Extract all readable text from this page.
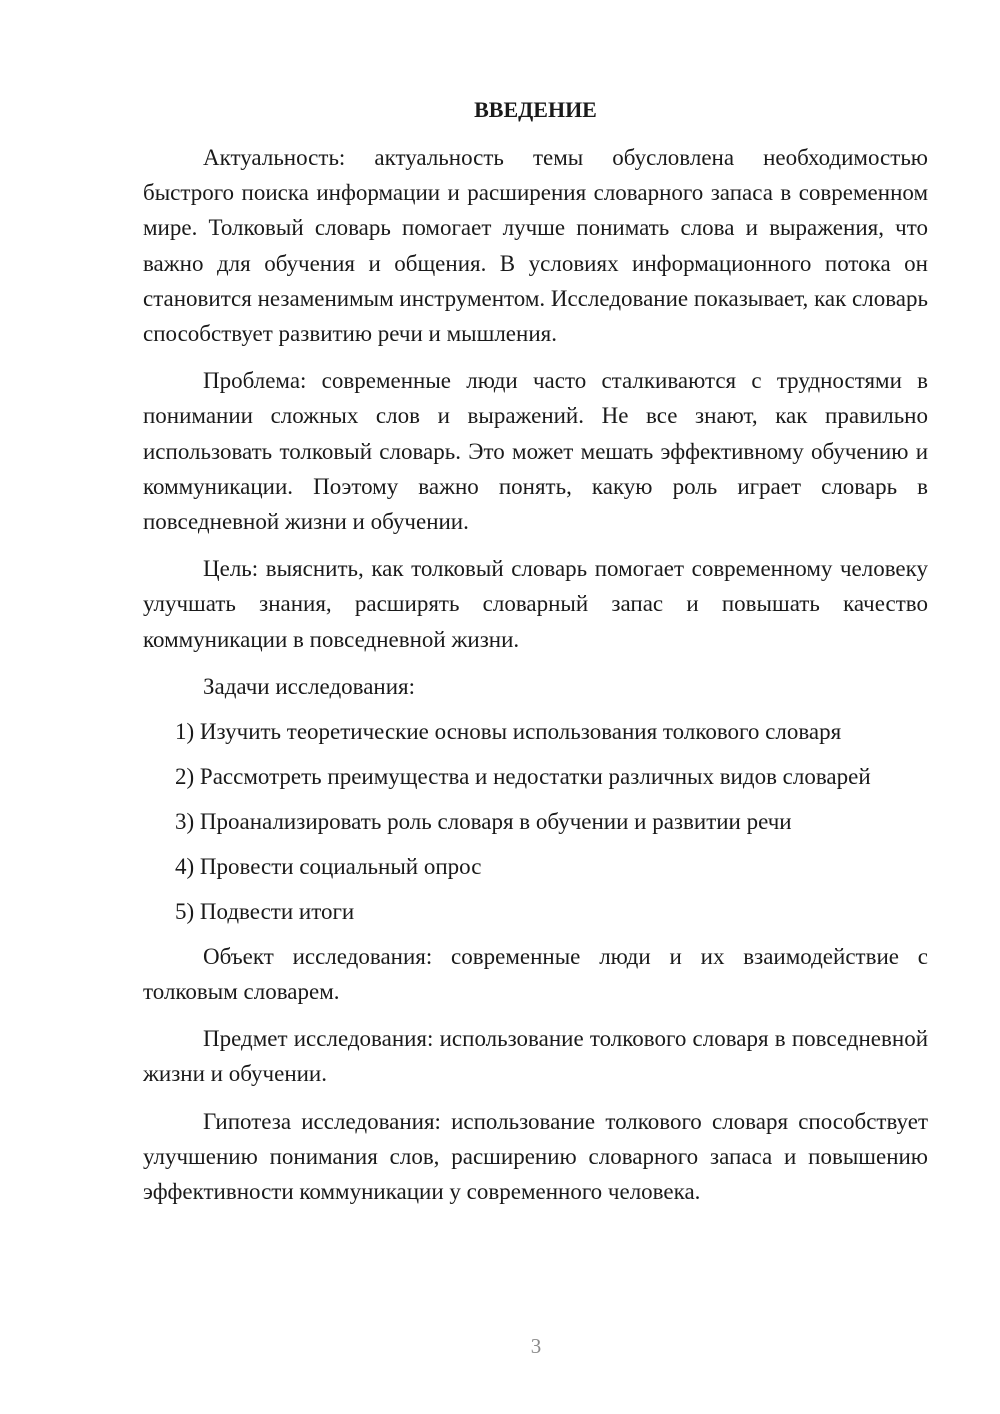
ВВЕДЕНИЕ

Актуальность: актуальность темы обусловлена необходимостью быстрого поиска информации и расширения словарного запаса в современном мире. Толковый словарь помогает лучше понимать слова и выражения, что важно для обучения и общения. В условиях информационного потока он становится незаменимым инструментом. Исследование показывает, как словарь способствует развитию речи и мышления.

Проблема: современные люди часто сталкиваются с трудностями в понимании сложных слов и выражений. Не все знают, как правильно использовать толковый словарь. Это может мешать эффективному обучению и коммуникации. Поэтому важно понять, какую роль играет словарь в повседневной жизни и обучении.

Цель: выяснить, как толковый словарь помогает современному человеку улучшать знания, расширять словарный запас и повышать качество коммуникации в повседневной жизни.

Задачи исследования:
1) Изучить теоретические основы использования толкового словаря
2) Рассмотреть преимущества и недостатки различных видов словарей
3) Проанализировать роль словаря в обучении и развитии речи
4) Провести социальный опрос
5) Подвести итоги

Объект исследования: современные люди и их взаимодействие с толковым словарем.

Предмет исследования: использование толкового словаря в повседневной жизни и обучении.

Гипотеза исследования: использование толкового словаря способствует улучшению понимания слов, расширению словарного запаса и повышению эффективности коммуникации у современного человека.

3
